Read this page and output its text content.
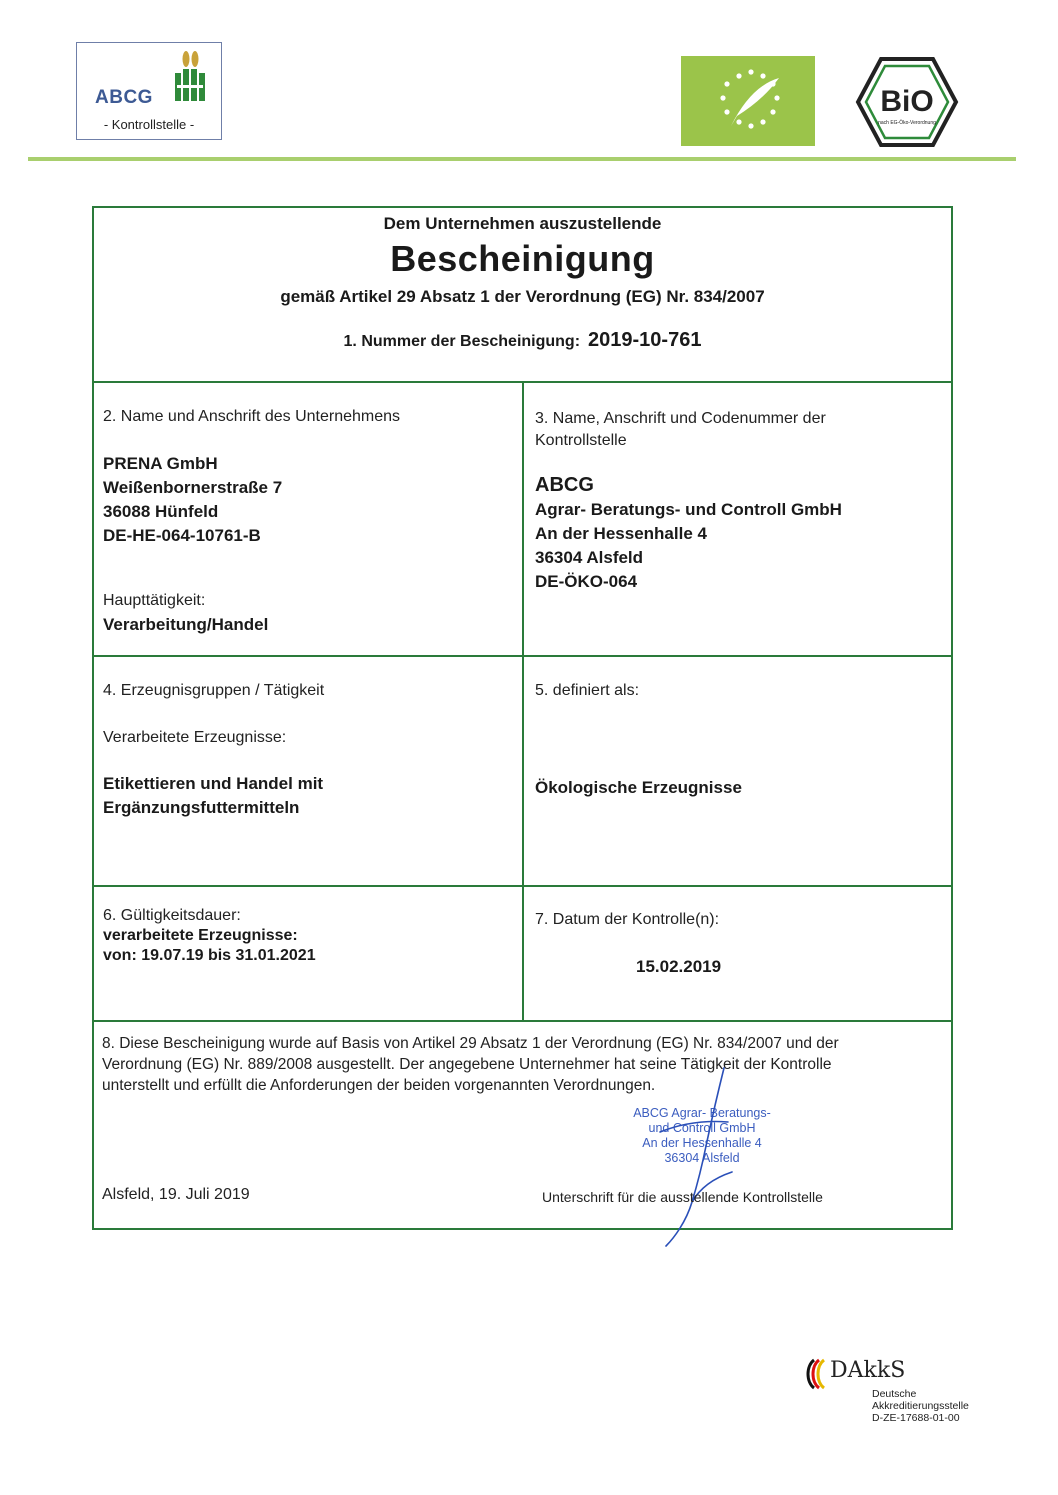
ABCG
- Kontrollstelle -
BiO
nach EG-Öko-Verordnung
Dem Unternehmen auszustellende
Bescheinigung
gemäß Artikel 29 Absatz 1 der Verordnung (EG) Nr. 834/2007
1. Nummer der Bescheinigung: 2019-10-761
2. Name und Anschrift des Unternehmens
PRENA GmbH
Weißenbornerstraße 7
36088 Hünfeld
DE-HE-064-10761-B
Haupttätigkeit:
Verarbeitung/Handel
3. Name, Anschrift und Codenummer der
Kontrollstelle
ABCG
Agrar- Beratungs- und Controll GmbH
An der Hessenhalle 4
36304 Alsfeld
DE-ÖKO-064
4. Erzeugnisgruppen / Tätigkeit
Verarbeitete Erzeugnisse:
Etikettieren und Handel mit
Ergänzungsfuttermitteln
5. definiert als:
Ökologische Erzeugnisse
6. Gültigkeitsdauer:
verarbeitete Erzeugnisse:
von: 19.07.19 bis 31.01.2021
7. Datum der Kontrolle(n):
15.02.2019
8. Diese Bescheinigung wurde auf Basis von Artikel 29 Absatz 1 der Verordnung (EG) Nr. 834/2007 und der
Verordnung (EG) Nr. 889/2008 ausgestellt. Der angegebene Unternehmer hat seine Tätigkeit der Kontrolle
unterstellt und erfüllt die Anforderungen der beiden vorgenannten Verordnungen.
ABCG Agrar- Beratungs-
und Controll GmbH
An der Hessenhalle 4
36304 Alsfeld
Alsfeld, 19. Juli 2019	Unterschrift für die ausstellende Kontrollstelle
DAkkS
Deutsche
Akkreditierungsstelle
D-ZE-17688-01-00
